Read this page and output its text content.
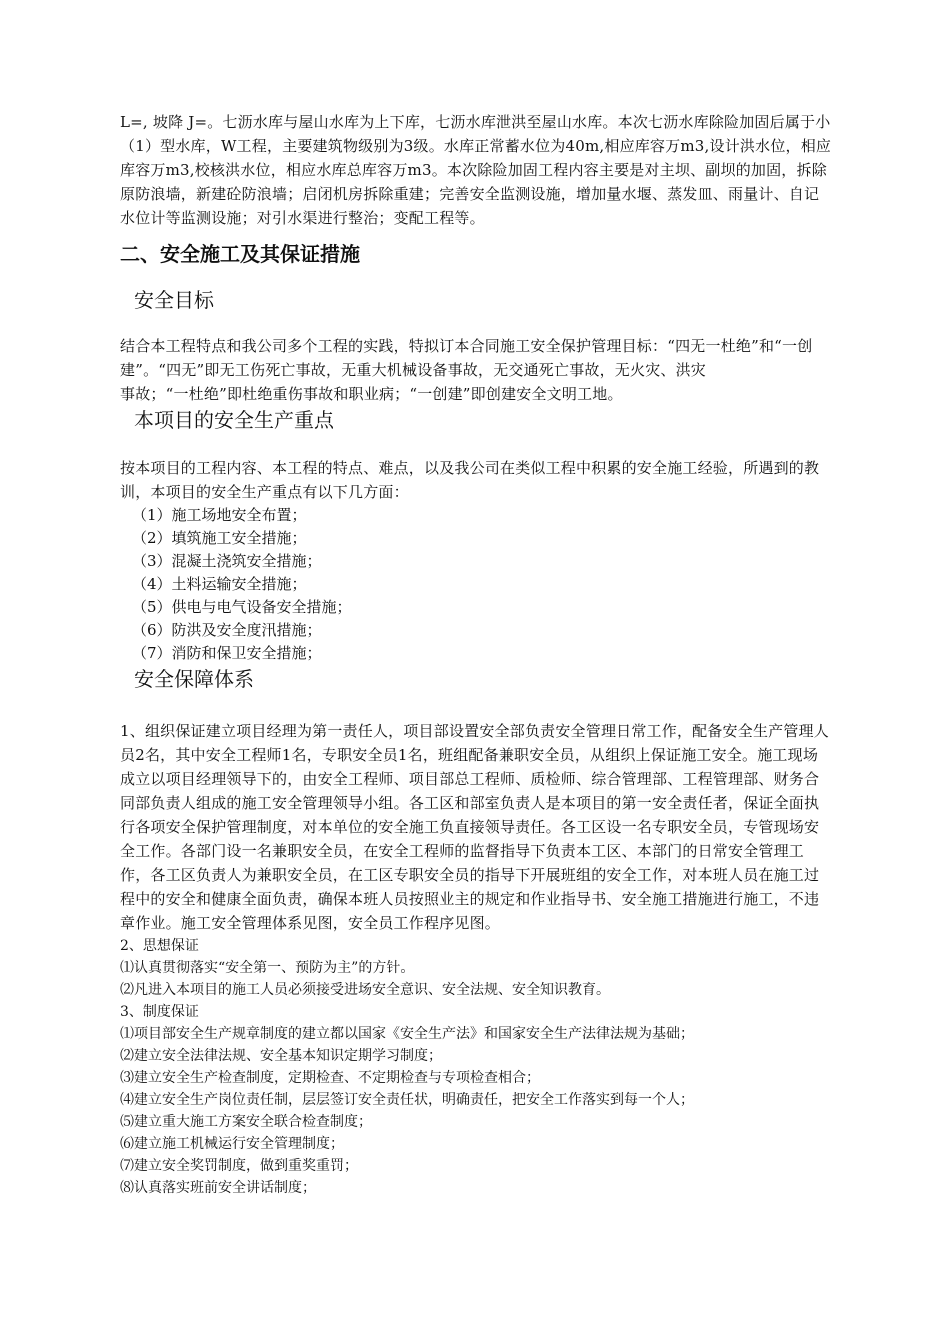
L=, 坡降 J=。七沥水库与屋山水库为上下库，七沥水库泄洪至屋山水库。本次七沥水库除险加固后属于小（1）型水库，W工程，主要建筑物级别为3级。水库正常蓄水位为40m,相应库容万m3,设计洪水位，相应库容万m3,校核洪水位，相应水库总库容万m3。本次除险加固工程内容主要是对主坝、副坝的加固，拆除原防浪墙，新建砼防浪墙；启闭机房拆除重建；完善安全监测设施，增加量水堰、蒸发皿、雨量计、自记水位计等监测设施；对引水渠进行整治；变配工程等。

二、安全施工及其保证措施
安全目标

结合本工程特点和我公司多个工程的实践，特拟订本合同施工安全保护管理目标：“四无一杜绝”和“一创建”。“四无”即无工伤死亡事故，无重大机械设备事故，无交通死亡事故，无火灾、洪灾

事故；“一杜绝”即杜绝重伤事故和职业病；“一创建”即创建安全文明工地。

本项目的安全生产重点

按本项目的工程内容、本工程的特点、难点，以及我公司在类似工程中积累的安全施工经验，所遇到的教训，本项目的安全生产重点有以下几方面：

（1）施工场地安全布置；

（2）填筑施工安全措施；

（3）混凝土浇筑安全措施；

（4）土料运输安全措施；

（5）供电与电气设备安全措施；

（6）防洪及安全度汛措施；

（7）消防和保卫安全措施；

安全保障体系

1、组织保证建立项目经理为第一责任人，项目部设置安全部负责安全管理日常工作，配备安全生产管理人员2名，其中安全工程师1名，专职安全员1名，班组配备兼职安全员，从组织上保证施工安全。施工现场成立以项目经理领导下的，由安全工程师、项目部总工程师、质检师、综合管理部、工程管理部、财务合同部负责人组成的施工安全管理领导小组。各工区和部室负责人是本项目的第一安全责任者，保证全面执行各项安全保护管理制度，对本单位的安全施工负直接领导责任。各工区设一名专职安全员，专管现场安全工作。各部门设一名兼职安全员，在安全工程师的监督指导下负责本工区、本部门的日常安全管理工作，各工区负责人为兼职安全员，在工区专职安全员的指导下开展班组的安全工作，对本班人员在施工过程中的安全和健康全面负责，确保本班人员按照业主的规定和作业指导书、安全施工措施进行施工，不违章作业。施工安全管理体系见图，安全员工作程序见图。

2、思想保证

⑴认真贯彻落实“安全第一、预防为主”的方针。

⑵凡进入本项目的施工人员必须接受进场安全意识、安全法规、安全知识教育。

3、制度保证

⑴项目部安全生产规章制度的建立都以国家《安全生产法》和国家安全生产法律法规为基础；

⑵建立安全法律法规、安全基本知识定期学习制度；

⑶建立安全生产检查制度，定期检查、不定期检查与专项检查相合；

⑷建立安全生产岗位责任制，层层签订安全责任状，明确责任，把安全工作落实到每一个人；

⑸建立重大施工方案安全联合检查制度；

⑹建立施工机械运行安全管理制度；

⑺建立安全奖罚制度，做到重奖重罚；

⑻认真落实班前安全讲话制度；
